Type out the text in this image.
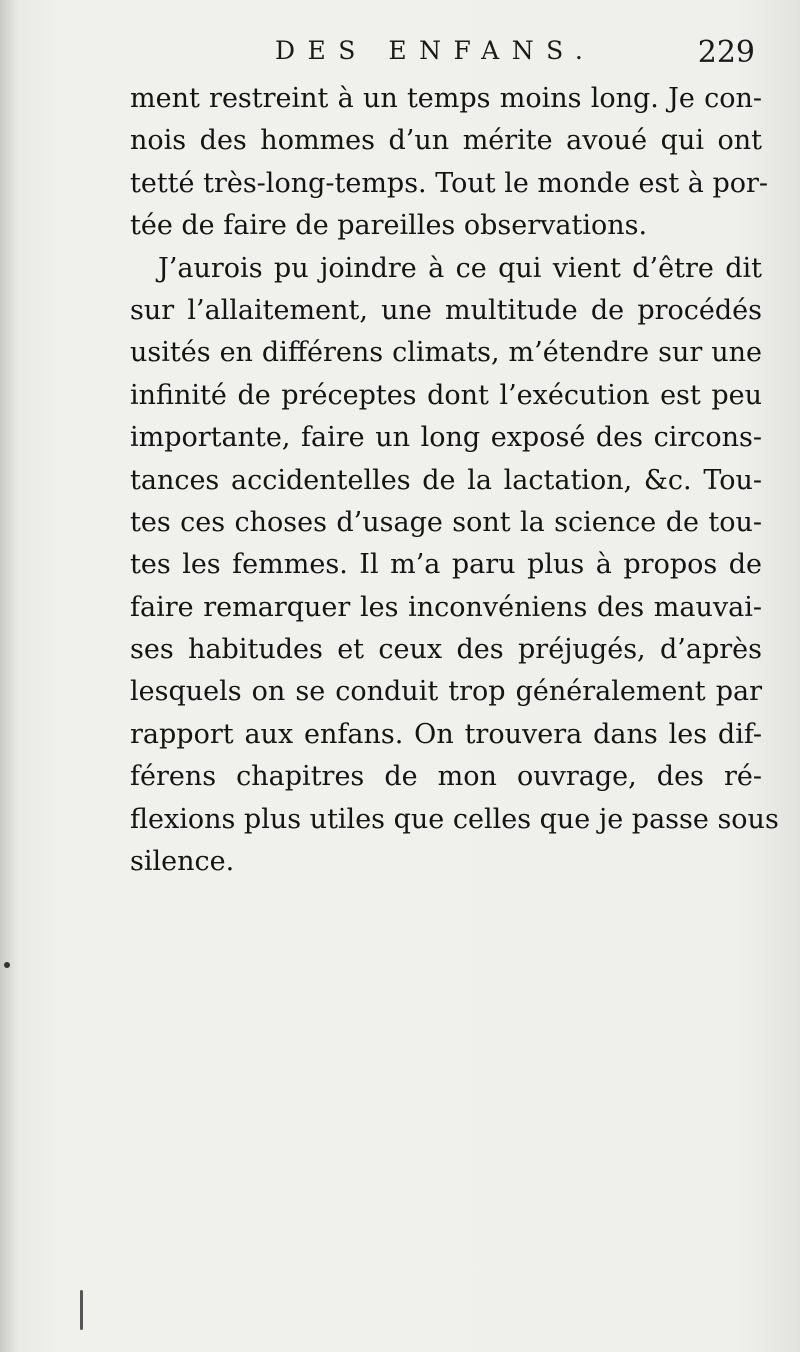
DES ENFANS.	229
ment restreint à un temps moins long. Je con-
nois des hommes d’un mérite avoué qui ont
tetté très-long-temps. Tout le monde est à por-
tée de faire de pareilles observations.
J’aurois pu joindre à ce qui vient d’être dit
sur l’allaitement, une multitude de procédés
usités en différens climats, m’étendre sur une
infinité de préceptes dont l’exécution est peu
importante, faire un long exposé des circons-
tances accidentelles de la lactation, &c. Tou-
tes ces choses d’usage sont la science de tou-
tes les femmes. Il m’a paru plus à propos de
faire remarquer les inconvéniens des mauvai-
ses habitudes et ceux des préjugés, d’après
lesquels on se conduit trop généralement par
rapport aux enfans. On trouvera dans les dif-
férens chapitres de mon ouvrage, des ré-
flexions plus utiles que celles que je passe sous
silence.
